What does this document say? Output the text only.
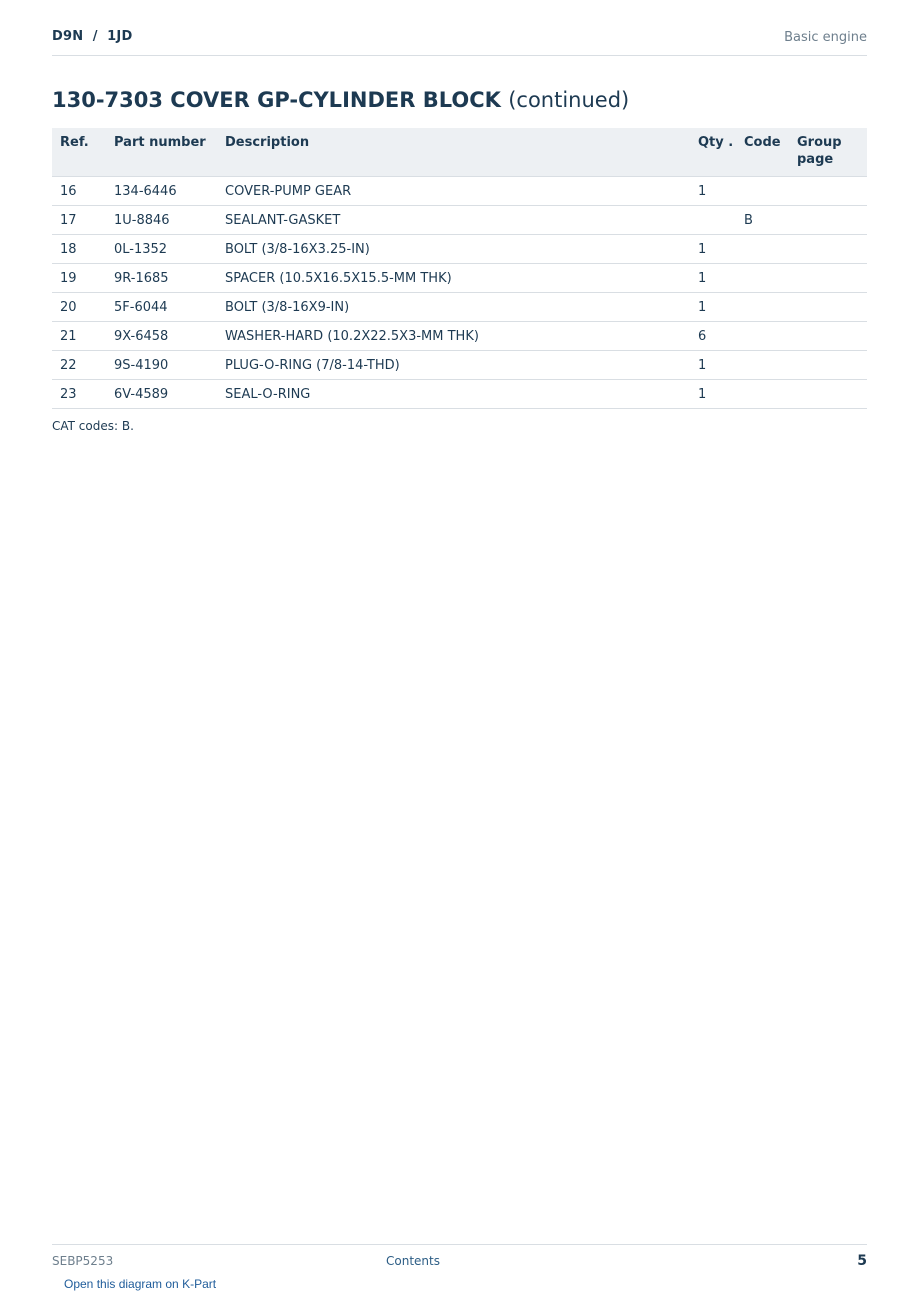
D9N  /  1JD	Basic engine
130-7303 COVER GP-CYLINDER BLOCK (continued)
Ref.	Part number	Description	Qty .	Code	Group page
16	134-6446	COVER-PUMP GEAR	1		
17	1U-8846	SEALANT-GASKET		B	
18	0L-1352	BOLT (3/8-16X3.25-IN)	1		
19	9R-1685	SPACER (10.5X16.5X15.5-MM THK)	1		
20	5F-6044	BOLT (3/8-16X9-IN)	1		
21	9X-6458	WASHER-HARD (10.2X22.5X3-MM THK)	6		
22	9S-4190	PLUG-O-RING (7/8-14-THD)	1		
23	6V-4589	SEAL-O-RING	1		
CAT codes: B.
SEBP5253	Contents	5
Open this diagram on K-Part
